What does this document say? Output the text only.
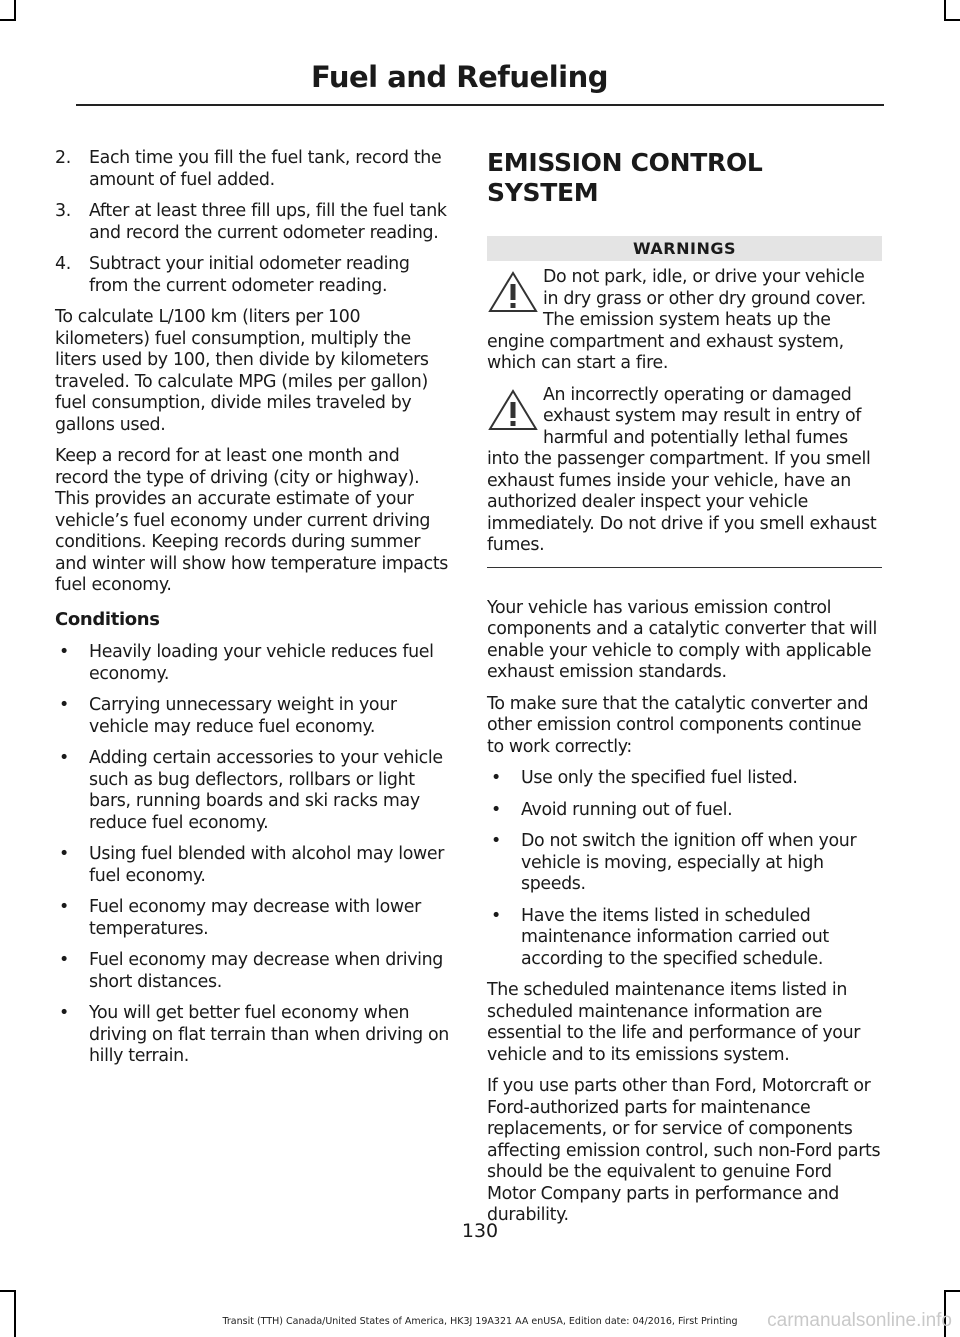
Fuel and Refueling
2. Each time you fill the fuel tank, record the amount of fuel added.
3. After at least three fill ups, fill the fuel tank and record the current odometer reading.
4. Subtract your initial odometer reading from the current odometer reading.

To calculate L/100 km (liters per 100 kilometers) fuel consumption, multiply the liters used by 100, then divide by kilometers traveled. To calculate MPG (miles per gallon) fuel consumption, divide miles traveled by gallons used.

Keep a record for at least one month and record the type of driving (city or highway). This provides an accurate estimate of your vehicle’s fuel economy under current driving conditions. Keeping records during summer and winter will show how temperature impacts fuel economy.

Conditions
• Heavily loading your vehicle reduces fuel economy.
• Carrying unnecessary weight in your vehicle may reduce fuel economy.
• Adding certain accessories to your vehicle such as bug deflectors, rollbars or light bars, running boards and ski racks may reduce fuel economy.
• Using fuel blended with alcohol may lower fuel economy.
• Fuel economy may decrease with lower temperatures.
• Fuel economy may decrease when driving short distances.
• You will get better fuel economy when driving on flat terrain than when driving on hilly terrain.
EMISSION CONTROL SYSTEM
WARNINGS
Do not park, idle, or drive your vehicle in dry grass or other dry ground cover. The emission system heats up the engine compartment and exhaust system, which can start a fire.
An incorrectly operating or damaged exhaust system may result in entry of harmful and potentially lethal fumes into the passenger compartment. If you smell exhaust fumes inside your vehicle, have an authorized dealer inspect your vehicle immediately. Do not drive if you smell exhaust fumes.

Your vehicle has various emission control components and a catalytic converter that will enable your vehicle to comply with applicable exhaust emission standards.

To make sure that the catalytic converter and other emission control components continue to work correctly:

• Use only the specified fuel listed.
• Avoid running out of fuel.
• Do not switch the ignition off when your vehicle is moving, especially at high speeds.
• Have the items listed in scheduled maintenance information carried out according to the specified schedule.

The scheduled maintenance items listed in scheduled maintenance information are essential to the life and performance of your vehicle and to its emissions system.

If you use parts other than Ford, Motorcraft or Ford-authorized parts for maintenance replacements, or for service of components affecting emission control, such non-Ford parts should be the equivalent to genuine Ford Motor Company parts in performance and durability.

130
Transit (TTH) Canada/United States of America, HK3J 19A321 AA enUSA, Edition date: 04/2016, First Printing	carmanualsonline.info
